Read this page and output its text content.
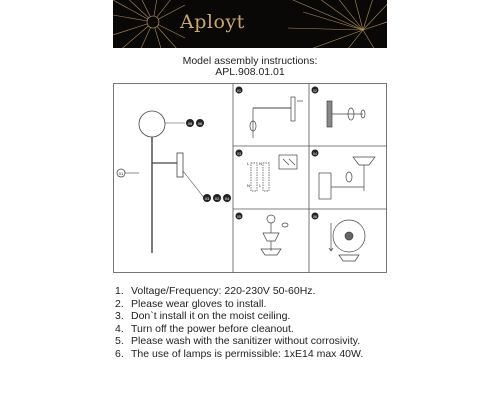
Aployt
Model assembly instructions:
APL.908.01.01
01
05 06
03 02 04
01	02
03
L N
N L
04
05	06
1. Voltage/Frequency: 220-230V 50-60Hz.
2. Please wear gloves to install.
3. Don`t install it on the moist ceiling.
4. Turn off the power before cleanout.
5. Please wash with the sanitizer without corrosivity.
6. The use of lamps is permissible: 1xE14 max 40W.
